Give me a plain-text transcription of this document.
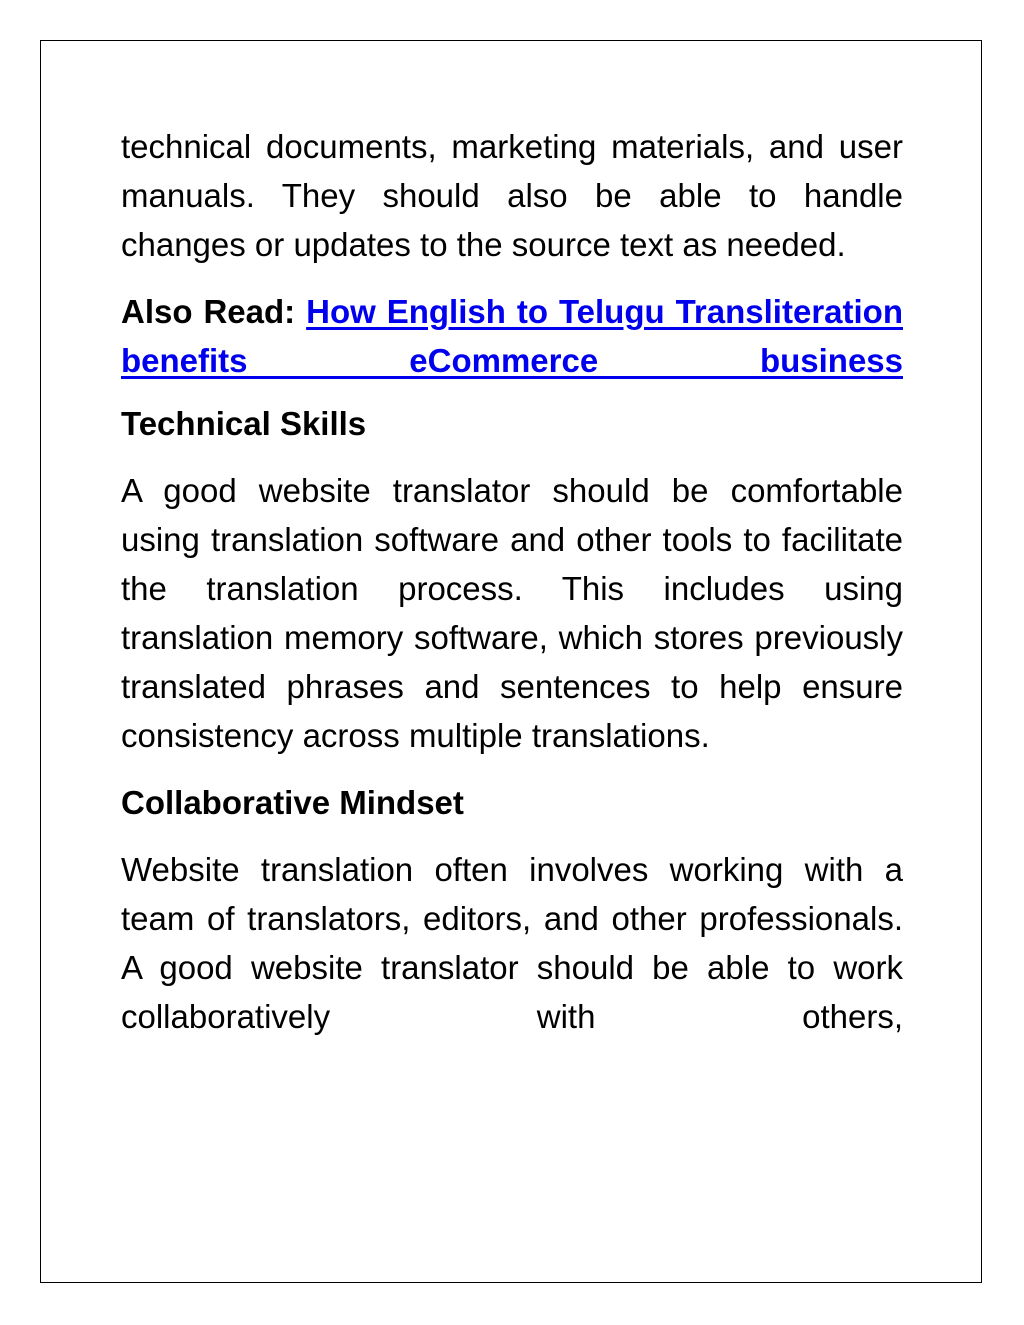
technical documents, marketing materials, and user manuals. They should also be able to handle changes or updates to the source text as needed.

Also Read: How English to Telugu Transliteration benefits eCommerce business

Technical Skills

A good website translator should be comfortable using translation software and other tools to facilitate the translation process. This includes using translation memory software, which stores previously translated phrases and sentences to help ensure consistency across multiple translations.

Collaborative Mindset

Website translation often involves working with a team of translators, editors, and other professionals. A good website translator should be able to work collaboratively with others,
